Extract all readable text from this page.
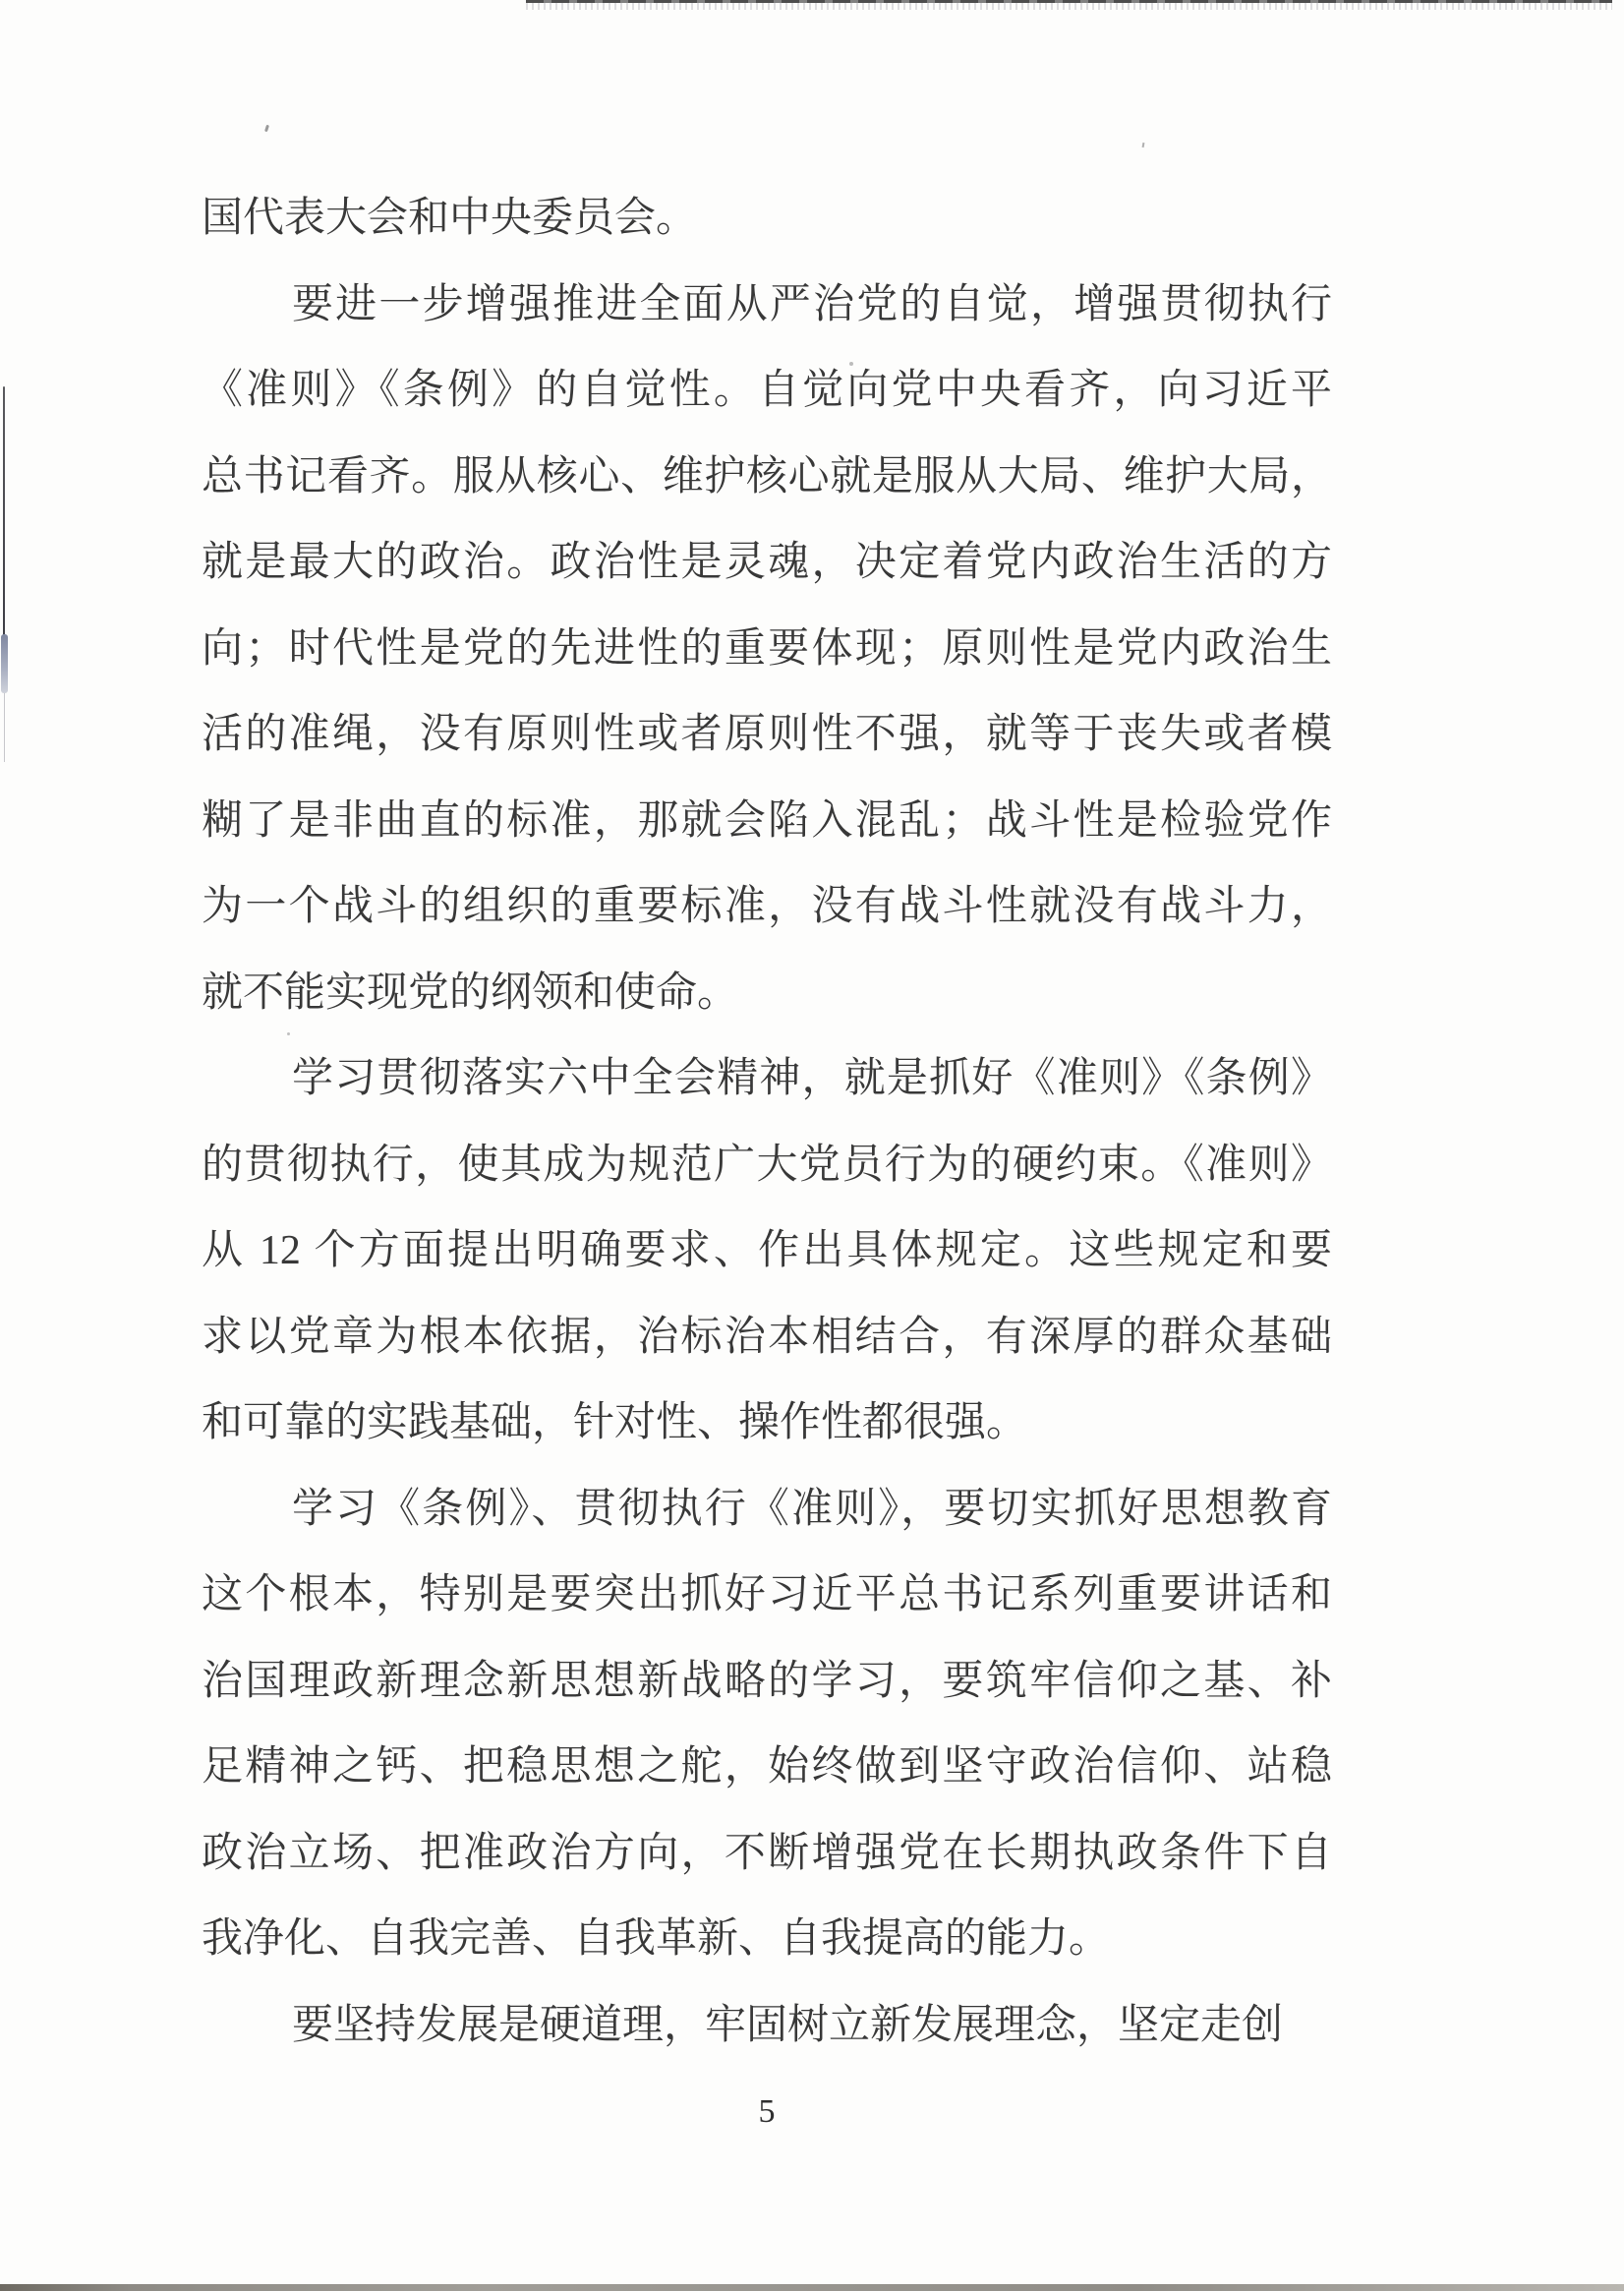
国代表大会和中央委员会。
要进一步增强推进全面从严治党的自觉，增强贯彻执行
《准则》《条例》的自觉性。自觉向党中央看齐，向习近平
总书记看齐。服从核心、维护核心就是服从大局、维护大局，
就是最大的政治。政治性是灵魂，决定着党内政治生活的方
向；时代性是党的先进性的重要体现；原则性是党内政治生
活的准绳，没有原则性或者原则性不强，就等于丧失或者模
糊了是非曲直的标准，那就会陷入混乱；战斗性是检验党作
为一个战斗的组织的重要标准，没有战斗性就没有战斗力，
就不能实现党的纲领和使命。
学习贯彻落实六中全会精神，就是抓好《准则》《条例》
的贯彻执行，使其成为规范广大党员行为的硬约束。《准则》
从 12 个方面提出明确要求、作出具体规定。这些规定和要
求以党章为根本依据，治标治本相结合，有深厚的群众基础
和可靠的实践基础，针对性、操作性都很强。
学习《条例》、贯彻执行《准则》，要切实抓好思想教育
这个根本，特别是要突出抓好习近平总书记系列重要讲话和
治国理政新理念新思想新战略的学习，要筑牢信仰之基、补
足精神之钙、把稳思想之舵，始终做到坚守政治信仰、站稳
政治立场、把准政治方向，不断增强党在长期执政条件下自
我净化、自我完善、自我革新、自我提高的能力。
要坚持发展是硬道理，牢固树立新发展理念，坚定走创
5
